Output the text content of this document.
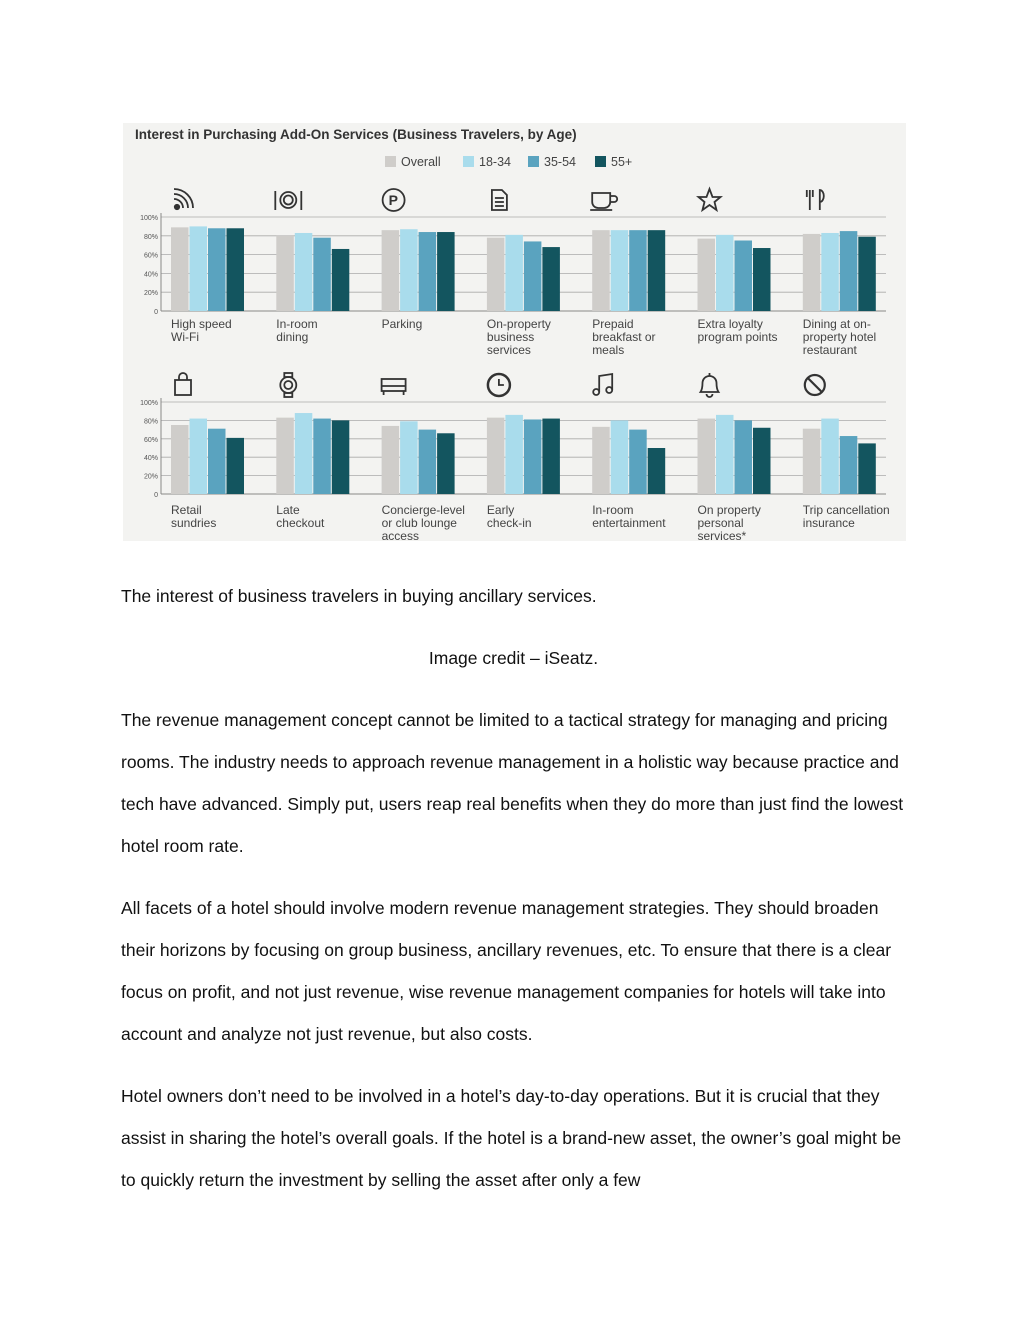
Interest in Purchasing Add-On Services (Business Travelers, by Age)
Overall	18-34	35-54	55+
0
20%
40%
60%
80%
100%
High speed
Wi-Fi
In-room
dining
P
Parking	On-property
business
services
Prepaid
breakfast or
meals
Extra loyalty
program points
Dining at on-
property hotel
restaurant
0
20%
40%
60%
80%
100%
Retail
sundries
Late
checkout
Concierge-level
or club lounge
access
Early
check-in
In-room
entertainment
On property
personal
services*
Trip cancellation
insurance
The interest of business travelers in buying ancillary services.
Image credit – iSeatz.

The revenue management concept cannot be limited to a tactical strategy for managing and pricing rooms. The industry needs to approach revenue management in a holistic way because practice and tech have advanced. Simply put, users reap real benefits when they do more than just find the lowest hotel room rate.

All facets of a hotel should involve modern revenue management strategies. They should broaden their horizons by focusing on group business, ancillary revenues, etc. To ensure that there is a clear focus on profit, and not just revenue, wise revenue management companies for hotels will take into account and analyze not just revenue, but also costs.

Hotel owners don’t need to be involved in a hotel’s day-to-day operations. But it is crucial that they assist in sharing the hotel’s overall goals. If the hotel is a brand-new asset, the owner’s goal might be to quickly return the investment by selling the asset after only a few
